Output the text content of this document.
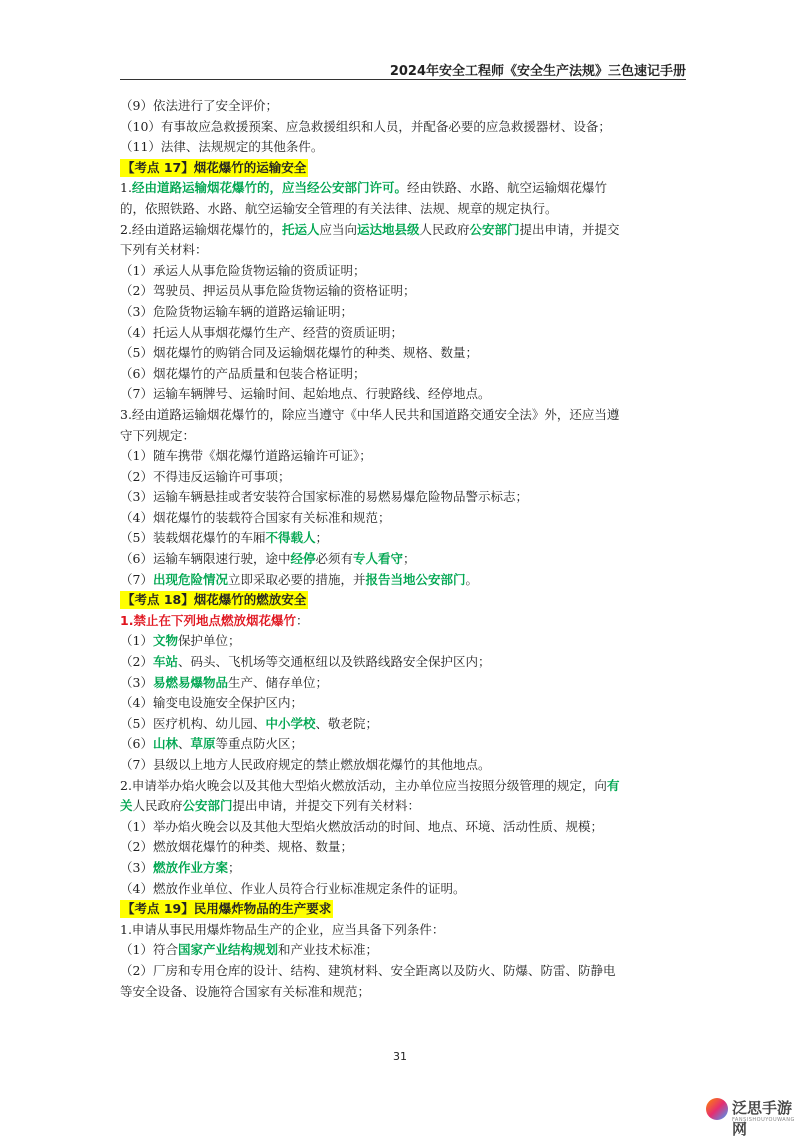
2024年安全工程师《安全生产法规》三色速记手册
（9）依法进行了安全评价；
（10）有事故应急救援预案、应急救援组织和人员，并配备必要的应急救援器材、设备；
（11）法律、法规规定的其他条件。
【考点 17】烟花爆竹的运输安全
1.经由道路运输烟花爆竹的，应当经公安部门许可。经由铁路、水路、航空运输烟花爆竹
的，依照铁路、水路、航空运输安全管理的有关法律、法规、规章的规定执行。
2.经由道路运输烟花爆竹的，托运人应当向运达地县级人民政府公安部门提出申请，并提交
下列有关材料：
（1）承运人从事危险货物运输的资质证明；
（2）驾驶员、押运员从事危险货物运输的资格证明；
（3）危险货物运输车辆的道路运输证明；
（4）托运人从事烟花爆竹生产、经营的资质证明；
（5）烟花爆竹的购销合同及运输烟花爆竹的种类、规格、数量；
（6）烟花爆竹的产品质量和包装合格证明；
（7）运输车辆牌号、运输时间、起始地点、行驶路线、经停地点。
3.经由道路运输烟花爆竹的，除应当遵守《中华人民共和国道路交通安全法》外，还应当遵
守下列规定：
（1）随车携带《烟花爆竹道路运输许可证》；
（2）不得违反运输许可事项；
（3）运输车辆悬挂或者安装符合国家标准的易燃易爆危险物品警示标志；
（4）烟花爆竹的装载符合国家有关标准和规范；
（5）装载烟花爆竹的车厢不得载人；
（6）运输车辆限速行驶，途中经停必须有专人看守；
（7）出现危险情况立即采取必要的措施，并报告当地公安部门。
【考点 18】烟花爆竹的燃放安全
1.禁止在下列地点燃放烟花爆竹：
（1）文物保护单位；
（2）车站、码头、飞机场等交通枢纽以及铁路线路安全保护区内；
（3）易燃易爆物品生产、储存单位；
（4）输变电设施安全保护区内；
（5）医疗机构、幼儿园、中小学校、敬老院；
（6）山林、草原等重点防火区；
（7）县级以上地方人民政府规定的禁止燃放烟花爆竹的其他地点。
2.申请举办焰火晚会以及其他大型焰火燃放活动，主办单位应当按照分级管理的规定，向有
关人民政府公安部门提出申请，并提交下列有关材料：
（1）举办焰火晚会以及其他大型焰火燃放活动的时间、地点、环境、活动性质、规模；
（2）燃放烟花爆竹的种类、规格、数量；
（3）燃放作业方案；
（4）燃放作业单位、作业人员符合行业标准规定条件的证明。
【考点 19】民用爆炸物品的生产要求
1.申请从事民用爆炸物品生产的企业，应当具备下列条件：
（1）符合国家产业结构规划和产业技术标准；
（2）厂房和专用仓库的设计、结构、建筑材料、安全距离以及防火、防爆、防雷、防静电
等安全设备、设施符合国家有关标准和规范；
31
泛思手游网
FANSISHOUYOUWANG
